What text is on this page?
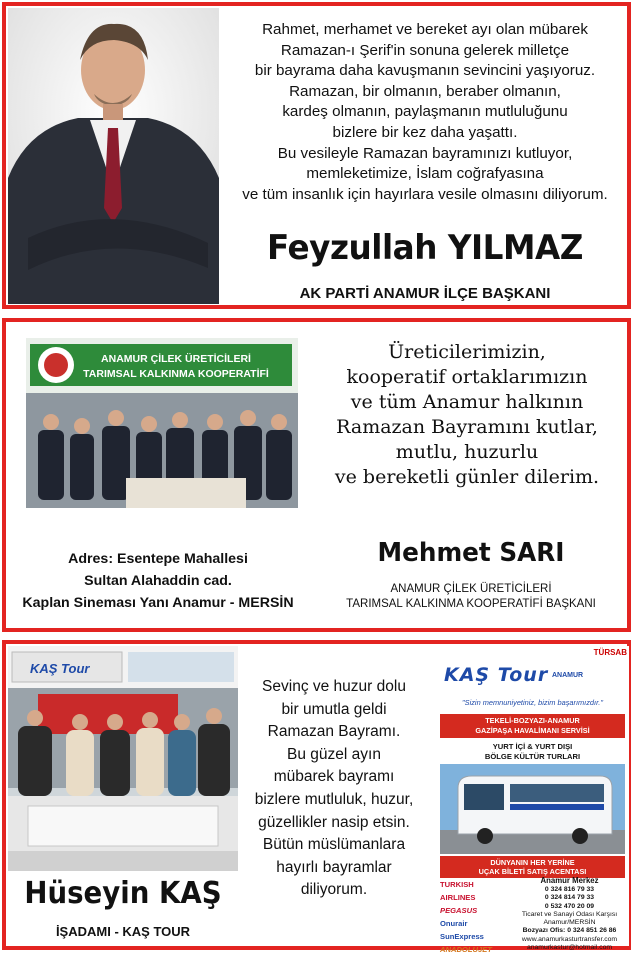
Rahmet, merhamet ve bereket ayı olan mübarek
Ramazan-ı Şerif'in sonuna gelerek milletçe
bir bayrama daha kavuşmanın sevincini yaşıyoruz.
Ramazan, bir olmanın, beraber olmanın,
kardeş olmanın, paylaşmanın mutluluğunu
bizlere bir kez daha yaşattı.
Bu vesileyle Ramazan bayramınızı kutluyor,
memleketimize, İslam coğrafyasına
ve tüm insanlık için hayırlara vesile olmasını diliyorum.
Feyzullah YILMAZ
AK PARTİ ANAMUR İLÇE BAŞKANI
ANAMUR ÇİLEK ÜRETİCİLERİ
TARIMSAL KALKINMA KOOPERATİFİ
Üreticilerimizin,
kooperatif ortaklarımızın
ve tüm Anamur halkının
Ramazan Bayramını kutlar,
mutlu, huzurlu
ve bereketli günler dilerim.
Adres: Esentepe Mahallesi
Sultan Alahaddin cad.
Kaplan Sineması Yanı Anamur - MERSİN
Mehmet SARI
ANAMUR ÇİLEK ÜRETİCİLERİ
TARIMSAL KALKINMA KOOPERATİFİ BAŞKANI
KAŞ Tour
Hüseyin KAŞ
İŞADAMI - KAŞ TOUR
Sevinç ve huzur dolu
bir umutla geldi
Ramazan Bayramı.
Bu güzel ayın
mübarek bayramı
bizlere mutluluk, huzur,
güzellikler nasip etsin.
Bütün müslümanlara
hayırlı bayramlar
diliyorum.
TÜRSAB
KAŞ Tour ANAMUR
"Sizin memnuniyetiniz, bizim başarımızdır."
TEKELİ-BOZYAZI-ANAMUR
GAZİPAŞA HAVALİMANI SERVİSİ
YURT İÇİ & YURT DIŞI
BÖLGE KÜLTÜR TURLARI
DÜNYANIN HER YERİNE
UÇAK BİLETİ SATIŞ ACENTASI
TURKISH AIRLINES
PEGASUS
Onurair
SunExpress
ANADOLUJET
Anamur Merkez
0 324 816 79 33
0 324 814 79 33
0 532 470 20 09
Ticaret ve Sanayi Odası Karşısı
Anamur/MERSİN
Bozyazı Ofis: 0 324 851 26 86
www.anamurkasturtransfer.com
anamurkastur@hotmail.com
